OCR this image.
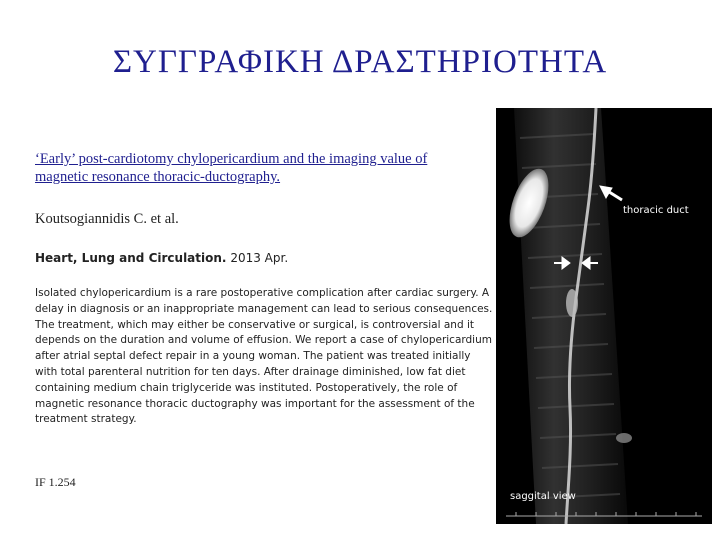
ΣΥΓΓΡΑΦΙΚΗ ΔΡΑΣΤΗΡΙΟΤΗΤΑ
‘Early’ post-cardiotomy chylopericardium and the imaging value of magnetic resonance thoracic-ductography.
Koutsogiannidis C. et al.
Heart, Lung and Circulation. 2013 Apr.
Isolated chylopericardium is a rare postoperative complication after cardiac surgery. A delay in diagnosis or an inappropriate management can lead to serious consequences. The treatment, which may either be conservative or surgical, is controversial and it depends on the duration and volume of effusion. We report a case of chylopericardium after atrial septal defect repair in a young woman. The patient was treated initially with total parenteral nutrition for ten days. After drainage diminished, low fat diet containing medium chain triglyceride was instituted. Postoperatively, the role of magnetic resonance thoracic ductography was important for the assessment of the treatment strategy.
IF 1.254
thoracic duct
saggital view
